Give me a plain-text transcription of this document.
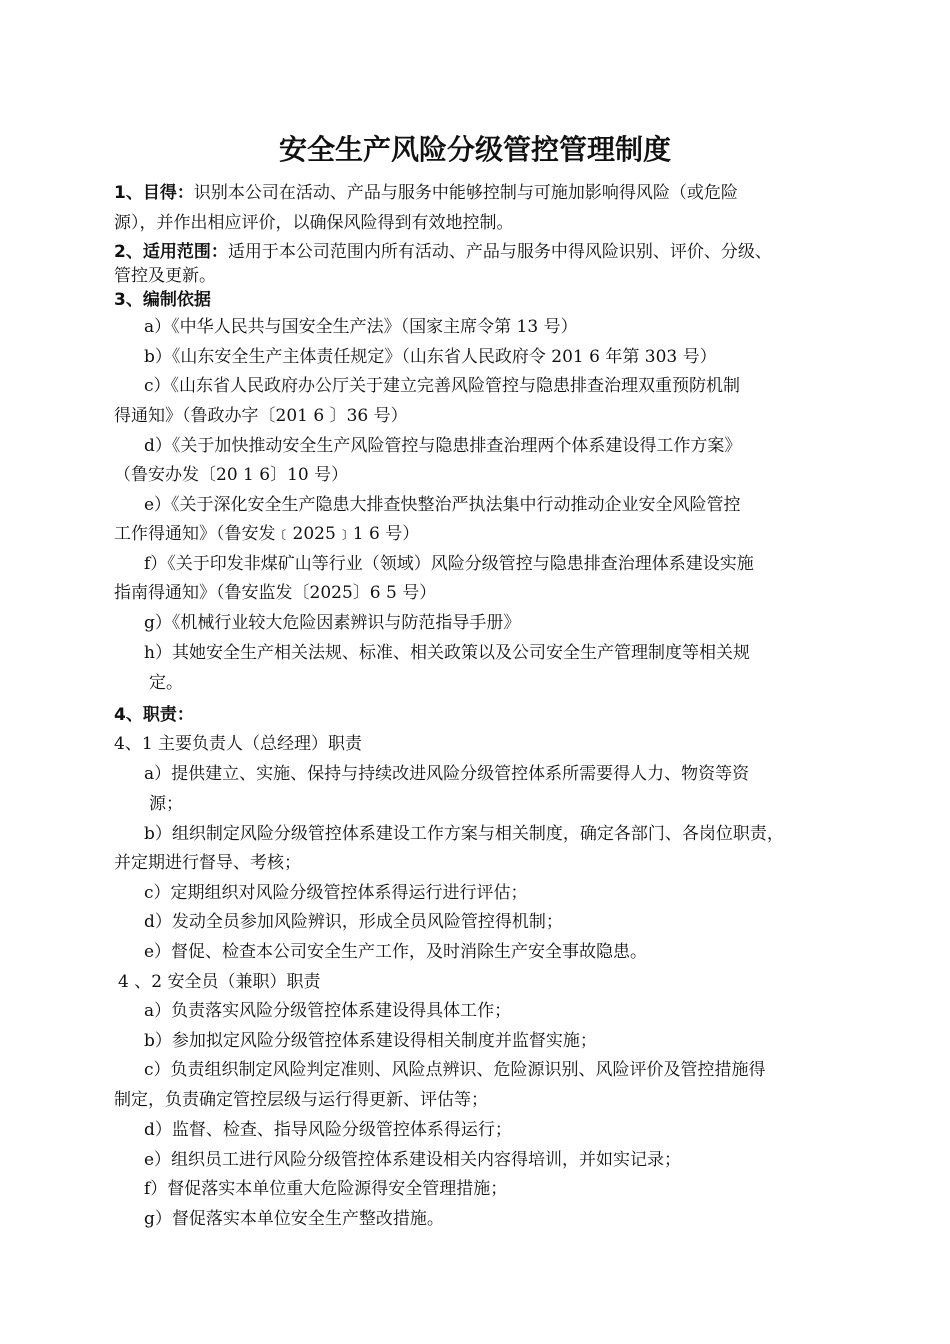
安全生产风险分级管控管理制度
1、目得：识别本公司在活动、产品与服务中能够控制与可施加影响得风险（或危险
源），并作出相应评价，以确保风险得到有效地控制。
2、适用范围：适用于本公司范围内所有活动、产品与服务中得风险识别、评价、分级、
管控及更新。
3、编制依据
a）《中华人民共与国安全生产法》（国家主席令第 13 号）
b）《山东安全生产主体责任规定》（山东省人民政府令 201 6 年第 303 号）
c）《山东省人民政府办公厅关于建立完善风险管控与隐患排查治理双重预防机制
得通知》（鲁政办字〔201 6 〕36 号）
d）《关于加快推动安全生产风险管控与隐患排查治理两个体系建设得工作方案》
（鲁安办发〔20 1 6〕10 号）
e）《关于深化安全生产隐患大排查快整治严执法集中行动推动企业安全风险管控
工作得通知》（鲁安发﹝2025﹞1 6 号）
f）《关于印发非煤矿山等行业（领域）风险分级管控与隐患排查治理体系建设实施
指南得通知》（鲁安监发〔2025〕6 5 号）
g）《机械行业较大危险因素辨识与防范指导手册》
h）其她安全生产相关法规、标准、相关政策以及公司安全生产管理制度等相关规
定。
4、职责：
4、1 主要负责人（总经理）职责
a）提供建立、实施、保持与持续改进风险分级管控体系所需要得人力、物资等资
源；
b）组织制定风险分级管控体系建设工作方案与相关制度，确定各部门、各岗位职责，
并定期进行督导、考核；
c）定期组织对风险分级管控体系得运行进行评估；
d）发动全员参加风险辨识，形成全员风险管控得机制；
e）督促、检查本公司安全生产工作，及时消除生产安全事故隐患。
4 、2 安全员（兼职）职责
a）负责落实风险分级管控体系建设得具体工作；
b）参加拟定风险分级管控体系建设得相关制度并监督实施；
c）负责组织制定风险判定准则、风险点辨识、危险源识别、风险评价及管控措施得
制定，负责确定管控层级与运行得更新、评估等；
d）监督、检查、指导风险分级管控体系得运行；
e）组织员工进行风险分级管控体系建设相关内容得培训，并如实记录；
f）督促落实本单位重大危险源得安全管理措施；
g）督促落实本单位安全生产整改措施。
